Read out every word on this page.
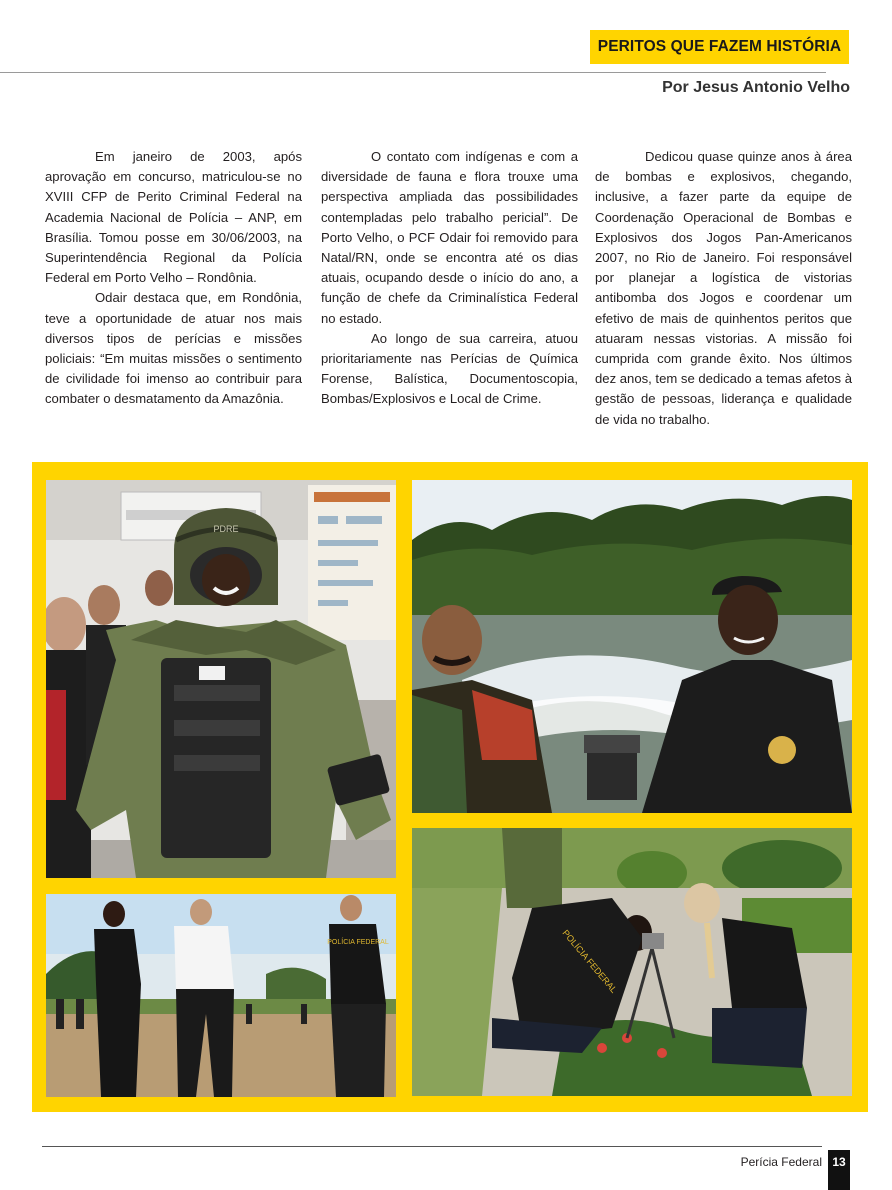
PERITOS QUE FAZEM HISTÓRIA
Por Jesus Antonio Velho

Em janeiro de 2003, após aprovação em concurso, matriculou-se no XVIII CFP de Perito Criminal Federal na Academia Nacional de Polícia – ANP, em Brasília. Tomou posse em 30/06/2003, na Superintendência Regional da Polícia Federal em Porto Velho – Rondônia.

Odair destaca que, em Rondônia, teve a oportunidade de atuar nos mais diversos tipos de perícias e missões policiais: “Em muitas missões o sentimento de civilidade foi imenso ao contribuir para combater o desmatamento da Amazônia.

O contato com indígenas e com a diversidade de fauna e flora trouxe uma perspectiva ampliada das possibilidades contempladas pelo trabalho pericial”. De Porto Velho, o PCF Odair foi removido para Natal/RN, onde se encontra até os dias atuais, ocupando desde o início do ano, a função de chefe da Criminalística Federal no estado.

Ao longo de sua carreira, atuou prioritariamente nas Perícias de Química Forense, Balística, Documentoscopia, Bombas/Explosivos e Local de Crime.

Dedicou quase quinze anos à área de bombas e explosivos, chegando, inclusive, a fazer parte da equipe de Coordenação Operacional de Bombas e Explosivos dos Jogos Pan-Americanos 2007, no Rio de Janeiro. Foi responsável por planejar a logística de vistorias antibomba dos Jogos e coordenar um efetivo de mais de quinhentos peritos que atuaram nessas vistorias. A missão foi cumprida com grande êxito. Nos últimos dez anos, tem se dedicado a temas afetos à gestão de pessoas, liderança e qualidade de vida no trabalho.

PDRE
POLÍCIA FEDERAL	POLÍCIA FEDERAL
Perícia Federal 13
